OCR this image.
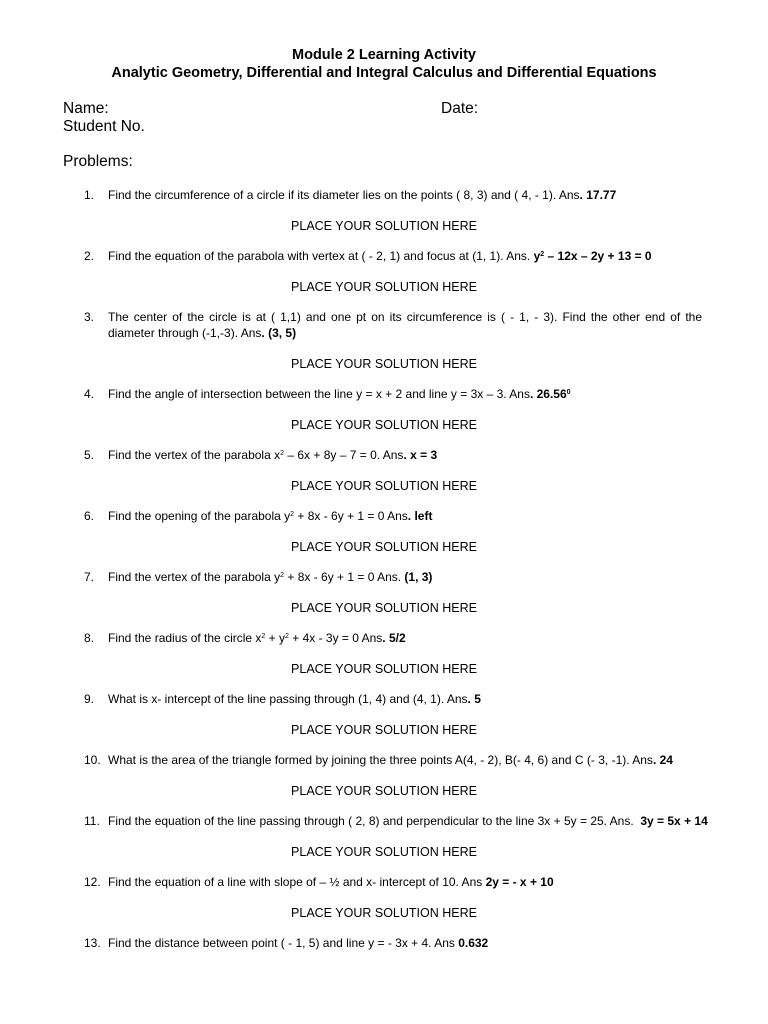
Module 2 Learning Activity
Analytic Geometry, Differential and Integral Calculus and Differential Equations
Name:	Date:
Student No.
Problems:
1.	Find the circumference of a circle if its diameter lies on the points ( 8, 3) and ( 4, - 1). Ans. 17.77
PLACE YOUR SOLUTION HERE
2.	Find the equation of the parabola with vertex at ( - 2, 1) and focus at (1, 1). Ans. $y^2 - 12x - 2y + 13 = 0$
PLACE YOUR SOLUTION HERE
3.	The center of the circle is at ( 1,1) and one pt on its circumference is ( - 1, - 3). Find the other end of the diameter through (-1,-3). Ans. (3, 5)
PLACE YOUR SOLUTION HERE
4.	Find the angle of intersection between the line y = x + 2 and line y = 3x – 3. Ans. 26.56$^0$
PLACE YOUR SOLUTION HERE
5.	Find the vertex of the parabola $x^2 - 6x + 8y - 7 = 0$. Ans. x = 3
PLACE YOUR SOLUTION HERE
6.	Find the opening of the parabola $y^2 + 8x - 6y + 1 = 0$ Ans. left
PLACE YOUR SOLUTION HERE
7.	Find the vertex of the parabola $y^2 + 8x - 6y + 1 = 0$ Ans. (1, 3)
PLACE YOUR SOLUTION HERE
8.	Find the radius of the circle $x^2 + y^2 + 4x - 3y = 0$ Ans. 5/2
PLACE YOUR SOLUTION HERE
9.	What is x- intercept of the line passing through (1, 4) and (4, 1). Ans. 5
PLACE YOUR SOLUTION HERE
10. What is the area of the triangle formed by joining the three points A(4, - 2), B(- 4, 6) and C (- 3, -1). Ans. 24
PLACE YOUR SOLUTION HERE
11. Find the equation of the line passing through ( 2, 8) and perpendicular to the line 3x + 5y = 25. Ans.  3y = 5x + 14
PLACE YOUR SOLUTION HERE
12. Find the equation of a line with slope of – ½ and x- intercept of 10. Ans 2y = - x + 10
PLACE YOUR SOLUTION HERE
13. Find the distance between point ( - 1, 5) and line y = - 3x + 4. Ans 0.632
